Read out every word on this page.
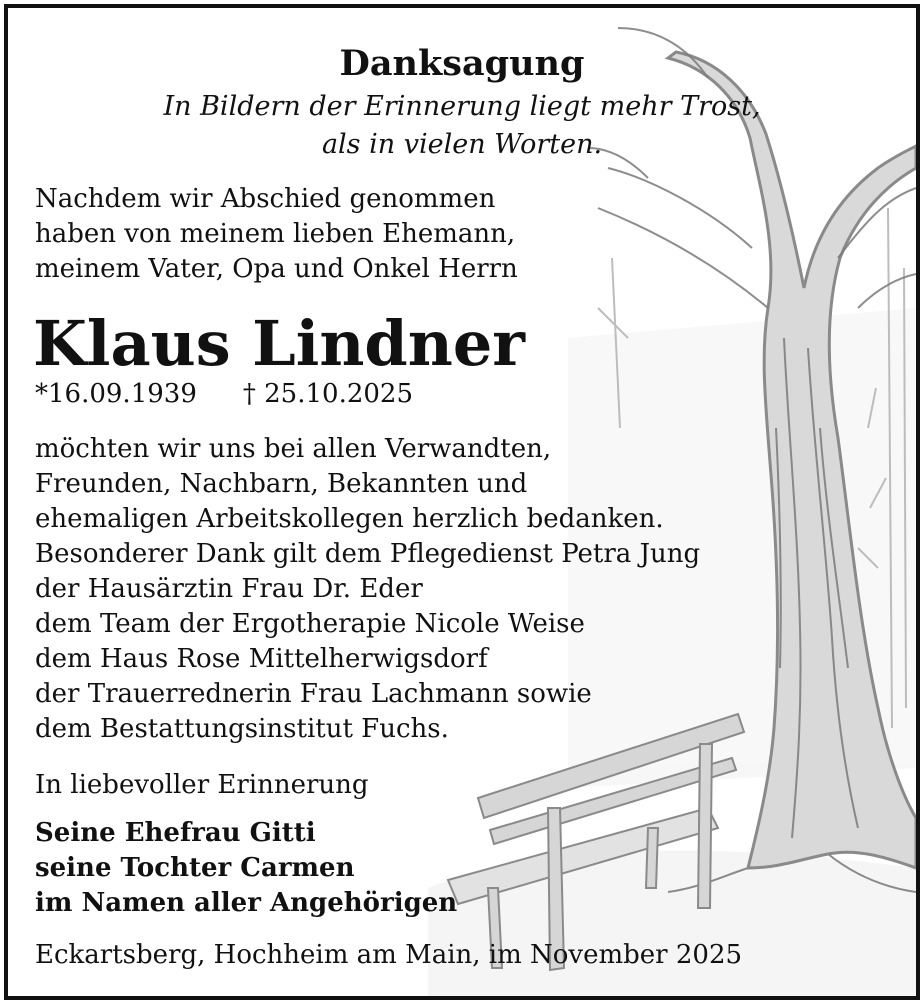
Danksagung
In Bildern der Erinnerung liegt mehr Trost,
als in vielen Worten.
Nachdem wir Abschied genommen
haben von meinem lieben Ehemann,
meinem Vater, Opa und Onkel Herrn
Klaus Lindner
*16.09.1939 † 25.10.2025
möchten wir uns bei allen Verwandten,
Freunden, Nachbarn, Bekannten und
ehemaligen Arbeitskollegen herzlich bedanken.
Besonderer Dank gilt dem Pflegedienst Petra Jung
der Hausärztin Frau Dr. Eder
dem Team der Ergotherapie Nicole Weise
dem Haus Rose Mittelherwigsdorf
der Trauerrednerin Frau Lachmann sowie
dem Bestattungsinstitut Fuchs.
In liebevoller Erinnerung
Seine Ehefrau Gitti
seine Tochter Carmen
im Namen aller Angehörigen
Eckartsberg, Hochheim am Main, im November 2025
